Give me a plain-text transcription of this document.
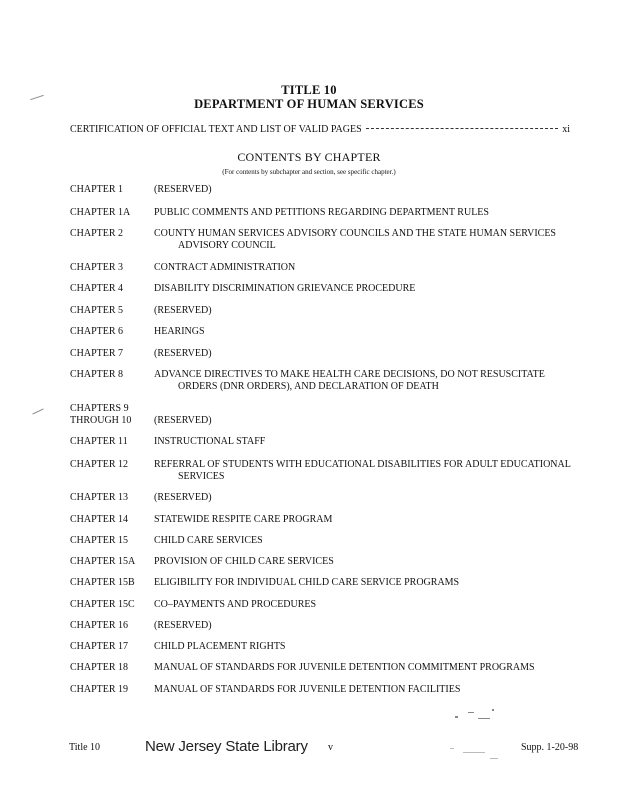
TITLE 10
DEPARTMENT OF HUMAN SERVICES
CERTIFICATION OF OFFICIAL TEXT AND LIST OF VALID PAGES	xi
CONTENTS BY CHAPTER
(For contents by subchapter and section, see specific chapter.)
CHAPTER 1	(RESERVED)
CHAPTER 1A	PUBLIC COMMENTS AND PETITIONS REGARDING DEPARTMENT RULES
CHAPTER 2	COUNTY HUMAN SERVICES ADVISORY COUNCILS AND THE STATE HUMAN SERVICES
ADVISORY COUNCIL
CHAPTER 3	CONTRACT ADMINISTRATION
CHAPTER 4	DISABILITY DISCRIMINATION GRIEVANCE PROCEDURE
CHAPTER 5	(RESERVED)
CHAPTER 6	HEARINGS
CHAPTER 7	(RESERVED)
CHAPTER 8	ADVANCE DIRECTIVES TO MAKE HEALTH CARE DECISIONS, DO NOT RESUSCITATE
ORDERS (DNR ORDERS), AND DECLARATION OF DEATH
CHAPTERS 9
THROUGH 10	(RESERVED)
CHAPTER 11	INSTRUCTIONAL STAFF
CHAPTER 12	REFERRAL OF STUDENTS WITH EDUCATIONAL DISABILITIES FOR ADULT EDUCATIONAL
SERVICES
CHAPTER 13	(RESERVED)
CHAPTER 14	STATEWIDE RESPITE CARE PROGRAM
CHAPTER 15	CHILD CARE SERVICES
CHAPTER 15A	PROVISION OF CHILD CARE SERVICES
CHAPTER 15B	ELIGIBILITY FOR INDIVIDUAL CHILD CARE SERVICE PROGRAMS
CHAPTER 15C	CO–PAYMENTS AND PROCEDURES
CHAPTER 16	(RESERVED)
CHAPTER 17	CHILD PLACEMENT RIGHTS
CHAPTER 18	MANUAL OF STANDARDS FOR JUVENILE DETENTION COMMITMENT PROGRAMS
CHAPTER 19	MANUAL OF STANDARDS FOR JUVENILE DETENTION FACILITIES
Title 10	New Jersey State Library v	Supp. 1-20-98
